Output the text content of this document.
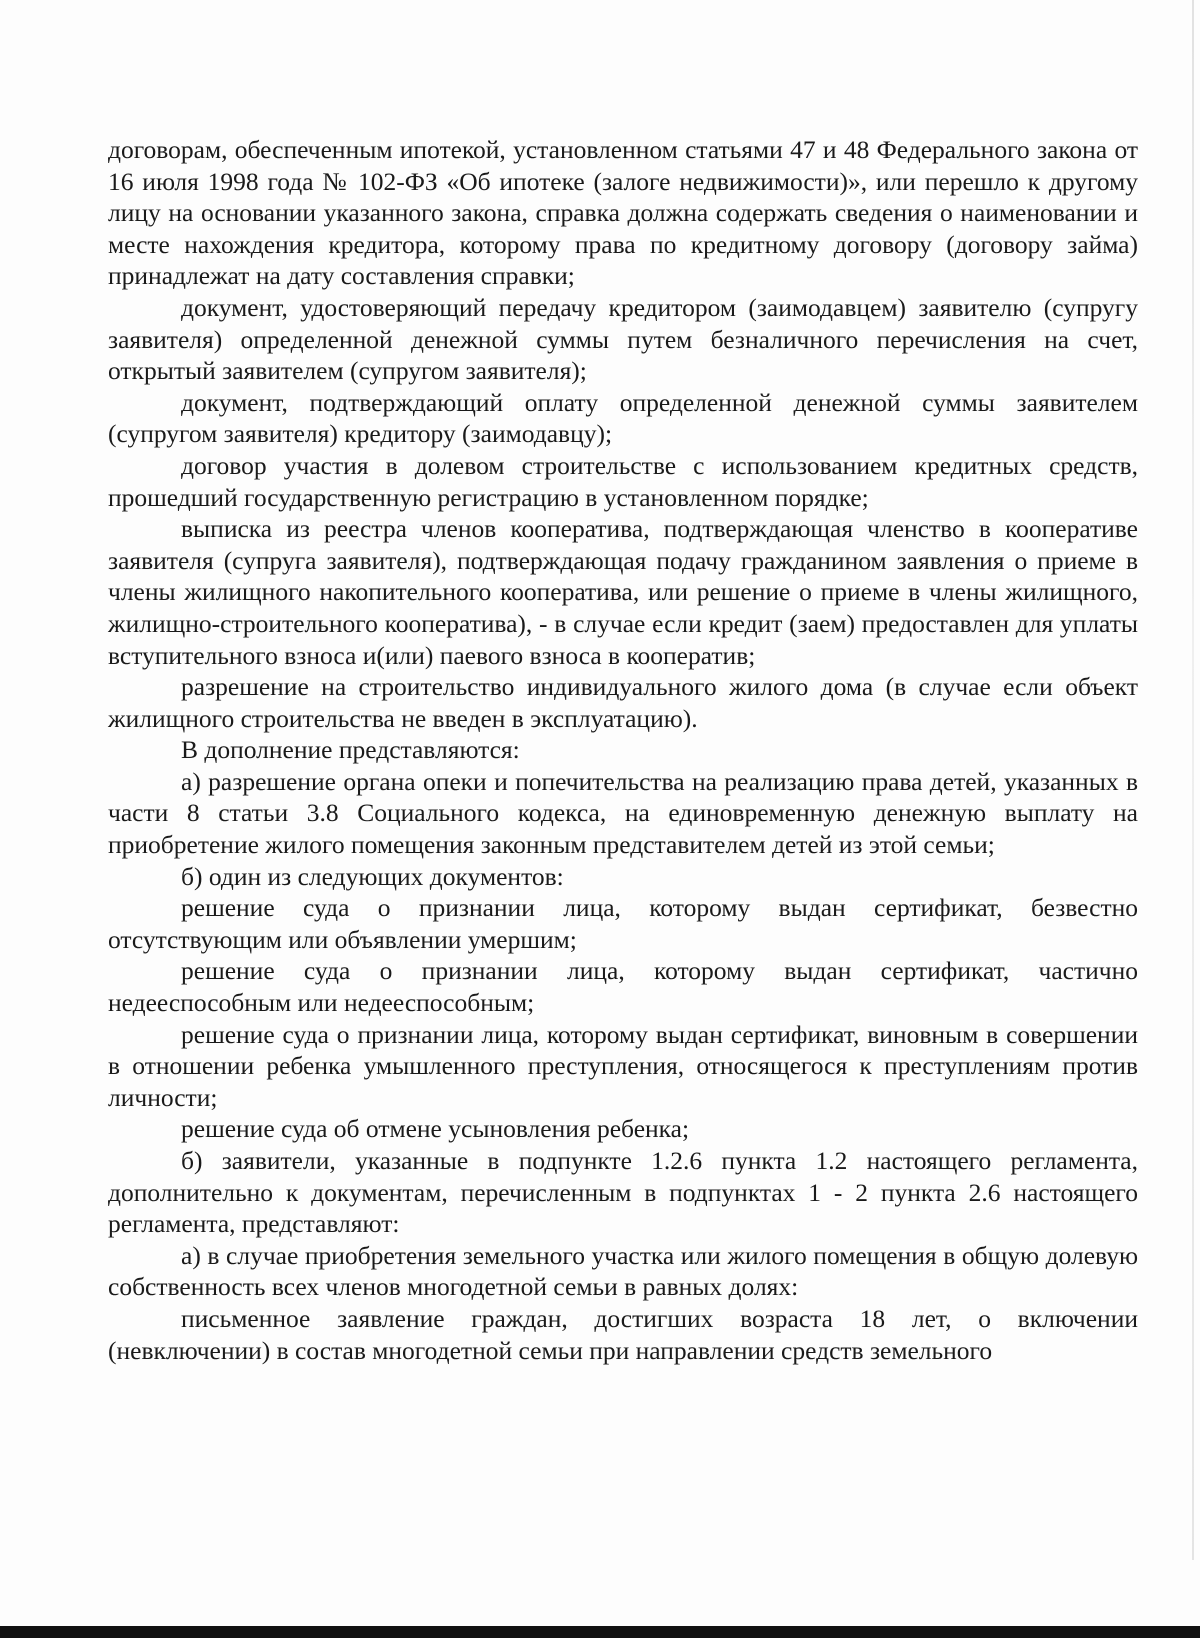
договорам, обеспеченным ипотекой, установленном статьями 47 и 48 Федерального закона от 16 июля 1998 года № 102-ФЗ «Об ипотеке (залоге недвижимости)», или перешло к другому лицу на основании указанного закона, справка должна содержать сведения о наименовании и месте нахождения кредитора, которому права по кредитному договору (договору займа) принадлежат на дату составления справки;

документ, удостоверяющий передачу кредитором (заимодавцем) заявителю (супругу заявителя) определенной денежной суммы путем безналичного перечисления на счет, открытый заявителем (супругом заявителя);

документ, подтверждающий оплату определенной денежной суммы заявителем (супругом заявителя) кредитору (заимодавцу);

договор участия в долевом строительстве с использованием кредитных средств, прошедший государственную регистрацию в установленном порядке;

выписка из реестра членов кооператива, подтверждающая членство в кооперативе заявителя (супруга заявителя), подтверждающая подачу гражданином заявления о приеме в члены жилищного накопительного кооператива, или решение о приеме в члены жилищного, жилищно-строительного кооператива), - в случае если кредит (заем) предоставлен для уплаты вступительного взноса и(или) паевого взноса в кооператив;

разрешение на строительство индивидуального жилого дома (в случае если объект жилищного строительства не введен в эксплуатацию).

В дополнение представляются:

а) разрешение органа опеки и попечительства на реализацию права детей, указанных в части 8 статьи 3.8 Социального кодекса, на единовременную денежную выплату на приобретение жилого помещения законным представителем детей из этой семьи;

б) один из следующих документов:

решение суда о признании лица, которому выдан сертификат, безвестно отсутствующим или объявлении умершим;

решение суда о признании лица, которому выдан сертификат, частично недееспособным или недееспособным;

решение суда о признании лица, которому выдан сертификат, виновным в совершении в отношении ребенка умышленного преступления, относящегося к преступлениям против личности;

решение суда об отмене усыновления ребенка;

б) заявители, указанные в подпункте 1.2.6 пункта 1.2 настоящего регламента, дополнительно к документам, перечисленным в подпунктах 1 - 2 пункта 2.6 настоящего регламента, представляют:

а) в случае приобретения земельного участка или жилого помещения в общую долевую собственность всех членов многодетной семьи в равных долях:

письменное заявление граждан, достигших возраста 18 лет, о включении (невключении) в состав многодетной семьи при направлении средств земельного
